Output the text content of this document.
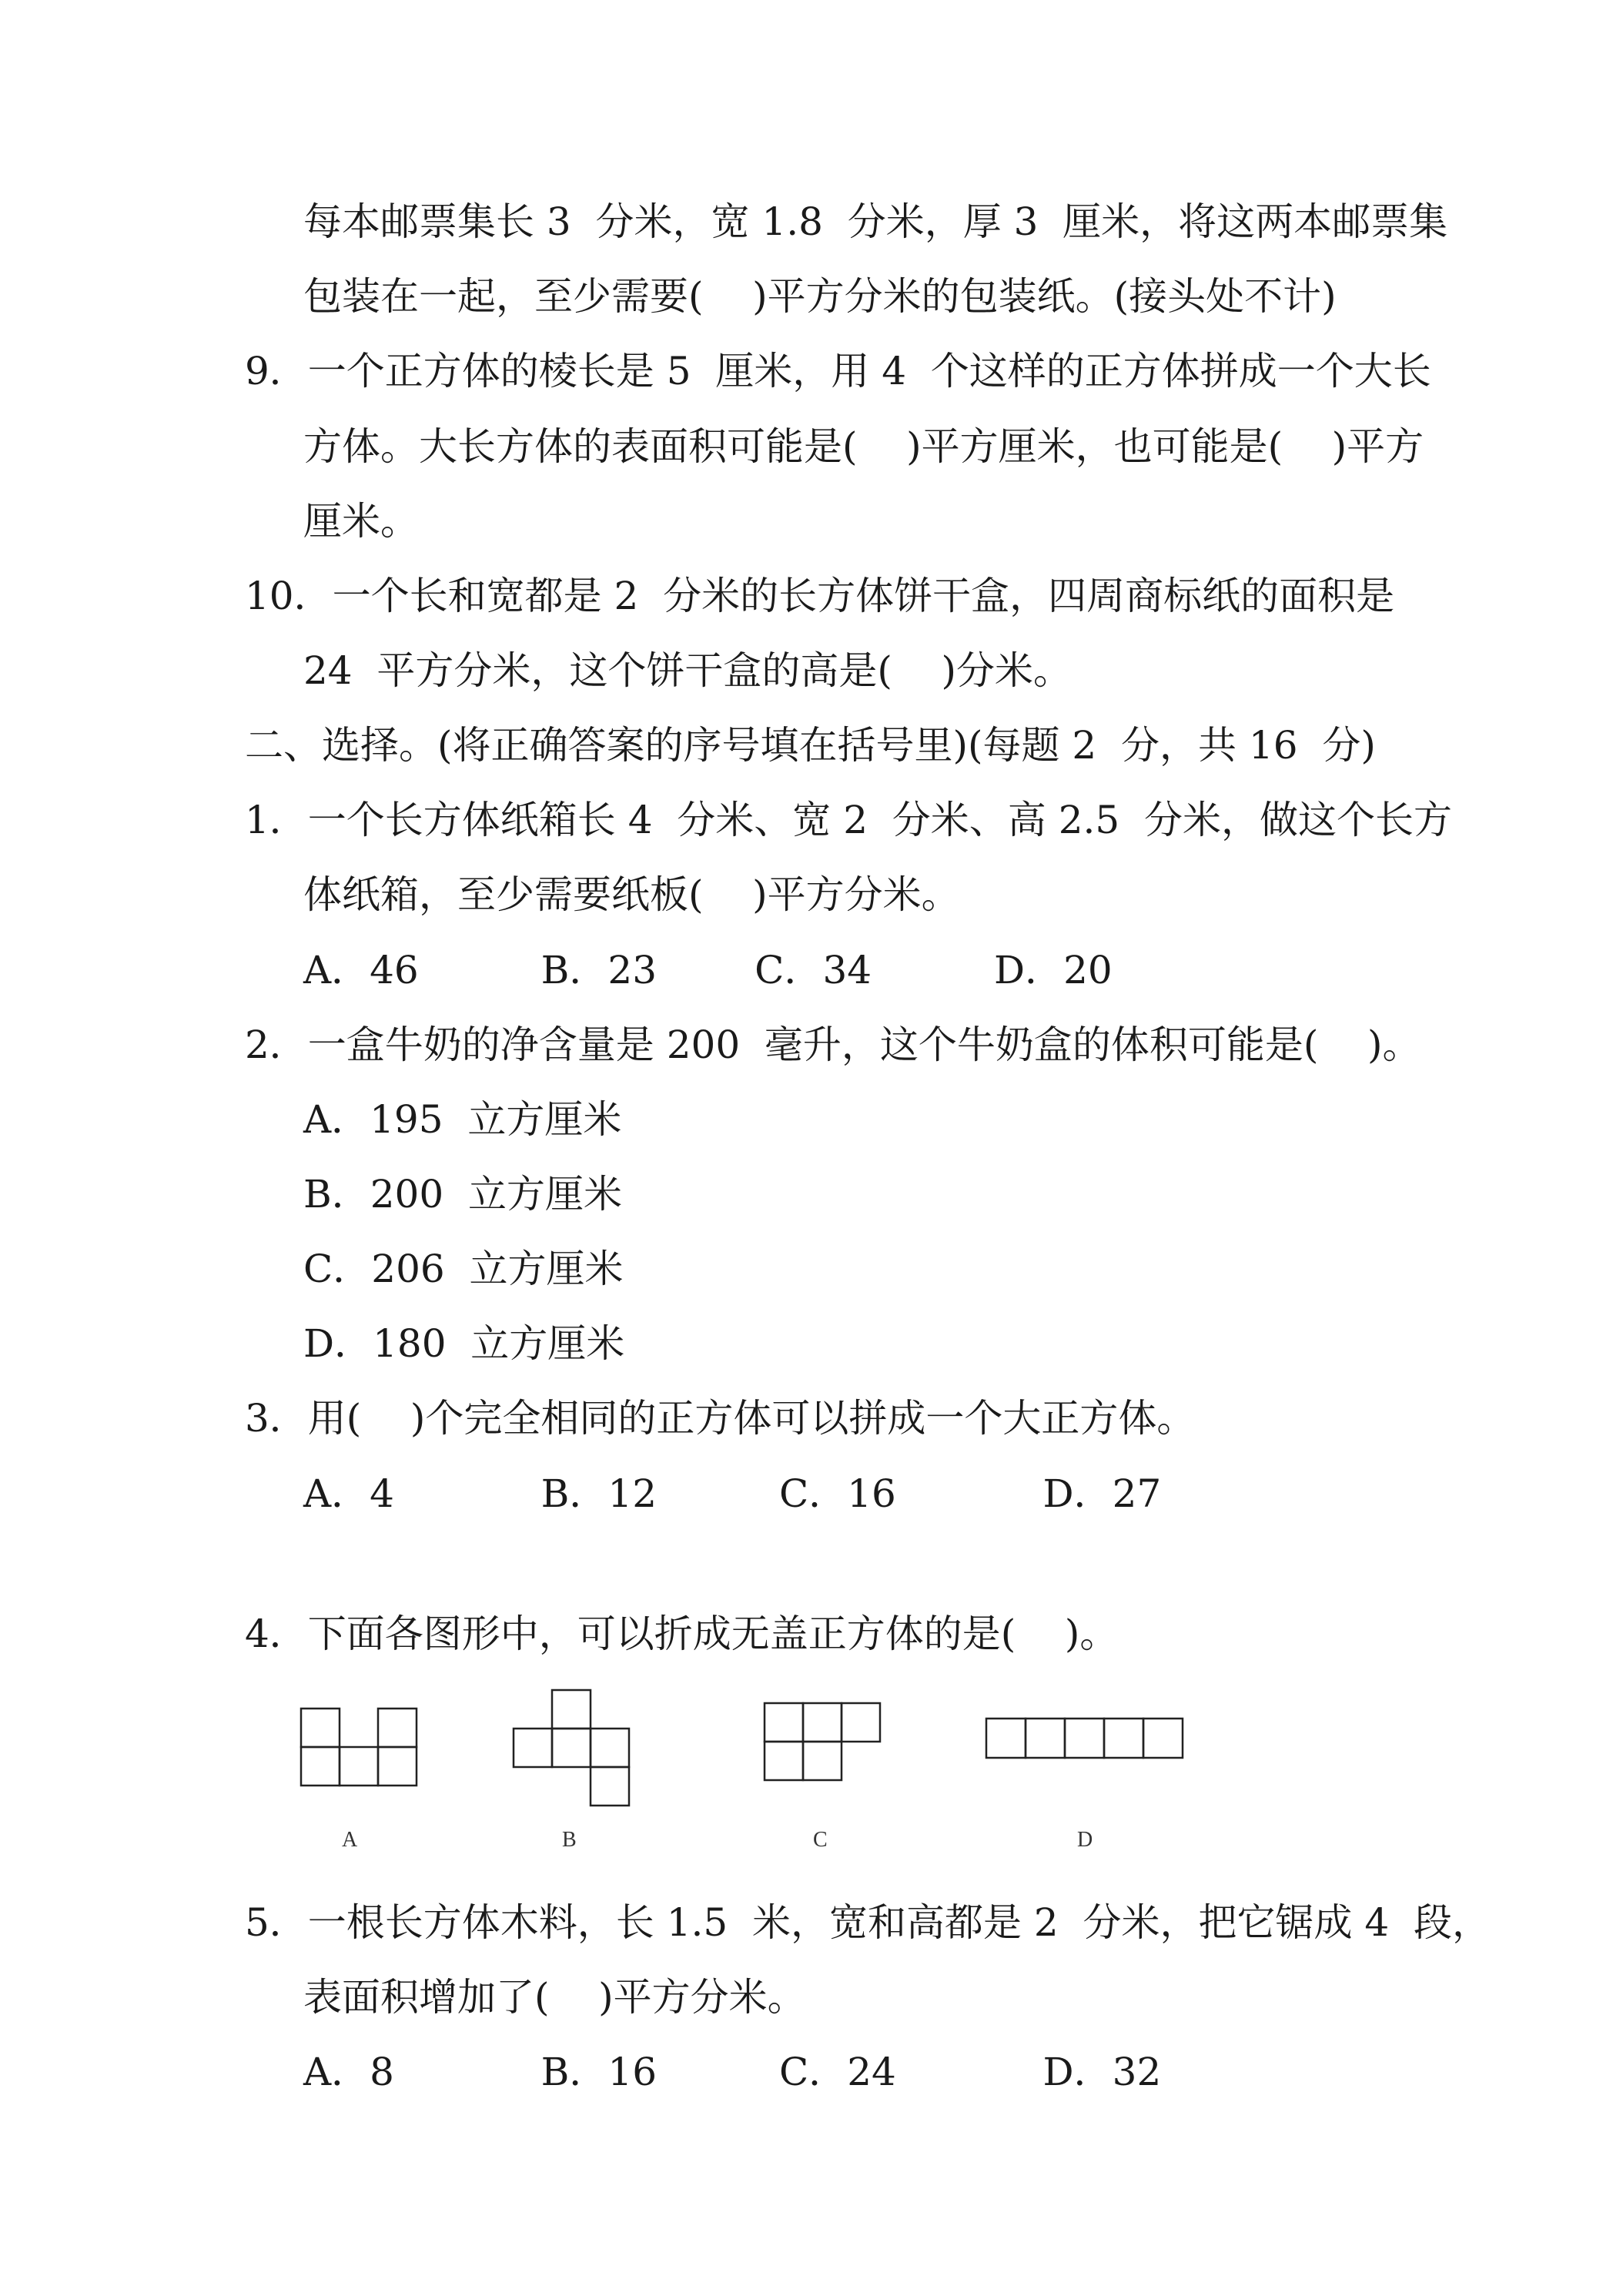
每本邮票集长 3  分米，宽 1.8  分米，厚 3  厘米，将这两本邮票集
包装在一起，至少需要(    )平方分米的包装纸。(接头处不计)
9．一个正方体的棱长是 5  厘米，用 4  个这样的正方体拼成一个大长
方体。大长方体的表面积可能是(    )平方厘米，也可能是(    )平方
厘米。
10．一个长和宽都是 2  分米的长方体饼干盒，四周商标纸的面积是
24  平方分米，这个饼干盒的高是(    )分米。
二、选择。(将正确答案的序号填在括号里)(每题 2  分，共 16  分)
1．一个长方体纸箱长 4  分米、宽 2  分米、高 2.5  分米，做这个长方
体纸箱，至少需要纸板(    )平方分米。
A．46          B．23        C．34          D．20
2．一盒牛奶的净含量是 200  毫升，这个牛奶盒的体积可能是(    )。
A．195  立方厘米
B．200  立方厘米
C．206  立方厘米
D．180  立方厘米
3．用(    )个完全相同的正方体可以拼成一个大正方体。
A．4            B．12          C．16            D．27
4．下面各图形中，可以折成无盖正方体的是(    )。
5．一根长方体木料，长 1.5  米，宽和高都是 2  分米，把它锯成 4  段，
表面积增加了(    )平方分米。
A．8            B．16          C．24            D．32
A	B	C	D
